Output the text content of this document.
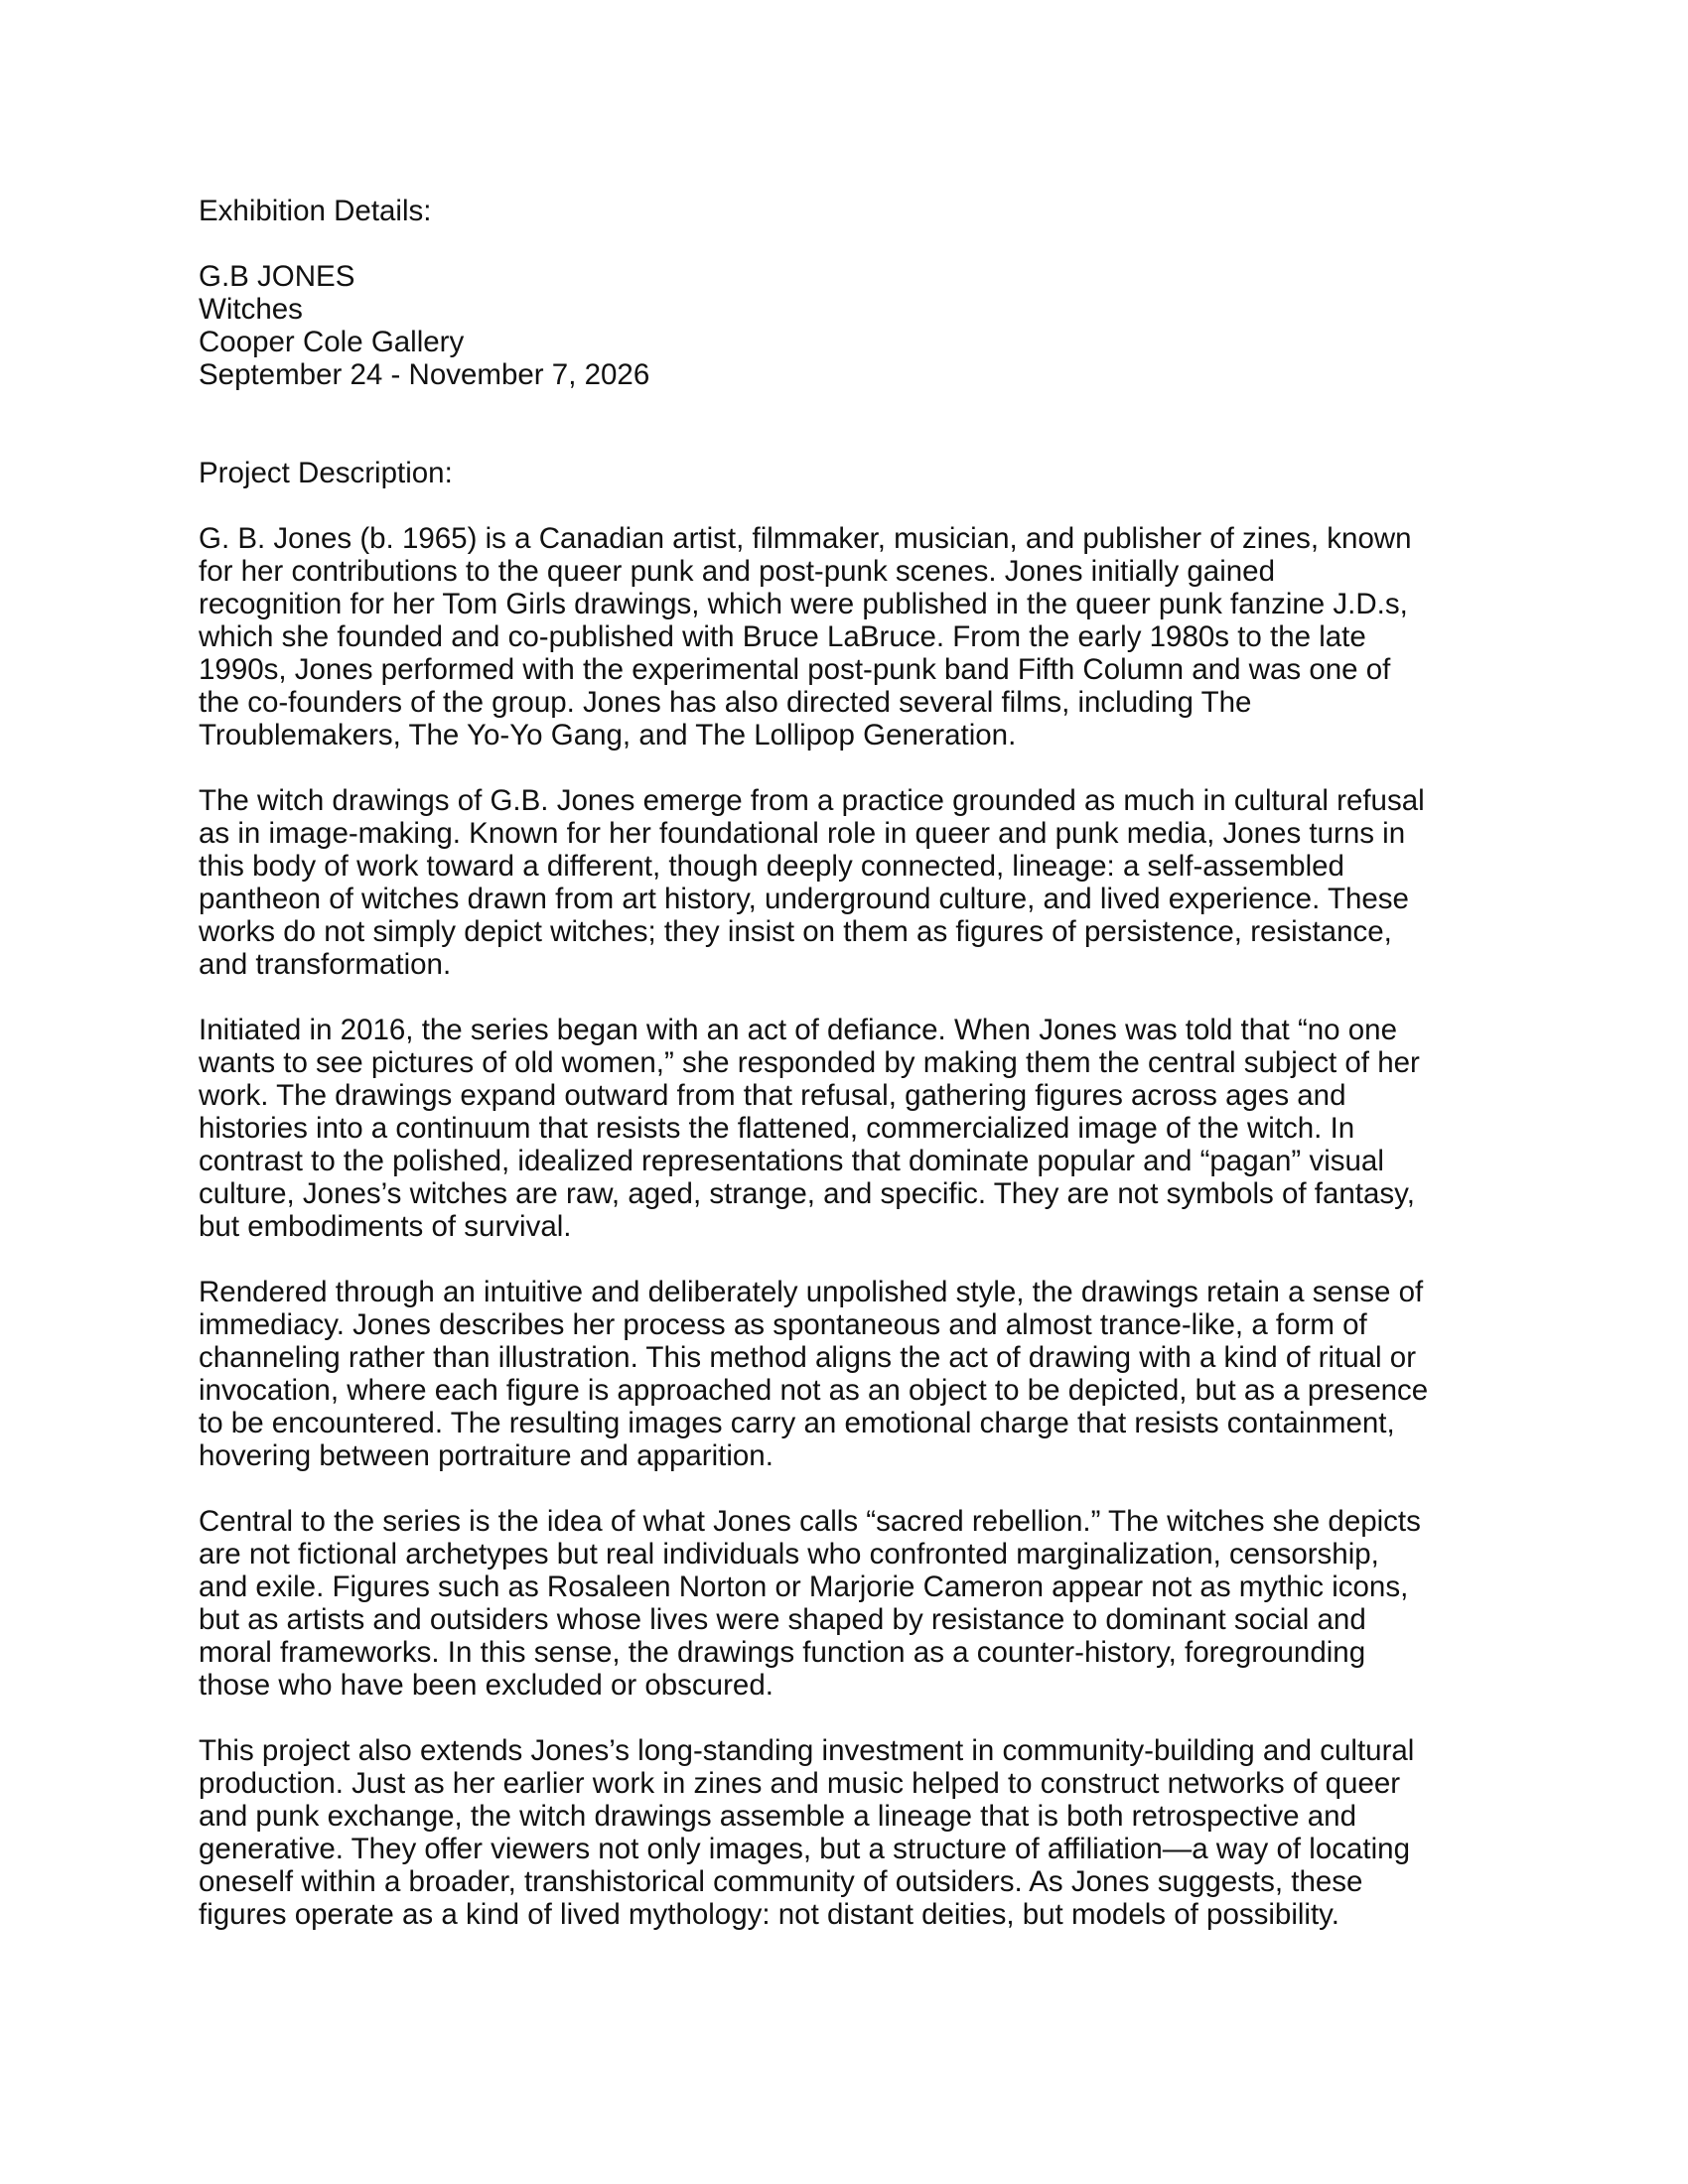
Exhibition Details:
G.B JONES
Witches
Cooper Cole Gallery
September 24 - November 7, 2026
Project Description:
G. B. Jones (b. 1965) is a Canadian artist, filmmaker, musician, and publisher of zines, known
for her contributions to the queer punk and post-punk scenes. Jones initially gained
recognition for her Tom Girls drawings, which were published in the queer punk fanzine J.D.s,
which she founded and co-published with Bruce LaBruce. From the early 1980s to the late
1990s, Jones performed with the experimental post-punk band Fifth Column and was one of
the co-founders of the group. Jones has also directed several films, including The
Troublemakers, The Yo-Yo Gang, and The Lollipop Generation.
The witch drawings of G.B. Jones emerge from a practice grounded as much in cultural refusal
as in image-making. Known for her foundational role in queer and punk media, Jones turns in
this body of work toward a different, though deeply connected, lineage: a self-assembled
pantheon of witches drawn from art history, underground culture, and lived experience. These
works do not simply depict witches; they insist on them as figures of persistence, resistance,
and transformation.
Initiated in 2016, the series began with an act of defiance. When Jones was told that “no one
wants to see pictures of old women,” she responded by making them the central subject of her
work. The drawings expand outward from that refusal, gathering figures across ages and
histories into a continuum that resists the flattened, commercialized image of the witch. In
contrast to the polished, idealized representations that dominate popular and “pagan” visual
culture, Jones’s witches are raw, aged, strange, and specific. They are not symbols of fantasy,
but embodiments of survival.
Rendered through an intuitive and deliberately unpolished style, the drawings retain a sense of
immediacy. Jones describes her process as spontaneous and almost trance-like, a form of
channeling rather than illustration. This method aligns the act of drawing with a kind of ritual or
invocation, where each figure is approached not as an object to be depicted, but as a presence
to be encountered. The resulting images carry an emotional charge that resists containment,
hovering between portraiture and apparition.
Central to the series is the idea of what Jones calls “sacred rebellion.” The witches she depicts
are not fictional archetypes but real individuals who confronted marginalization, censorship,
and exile. Figures such as Rosaleen Norton or Marjorie Cameron appear not as mythic icons,
but as artists and outsiders whose lives were shaped by resistance to dominant social and
moral frameworks. In this sense, the drawings function as a counter-history, foregrounding
those who have been excluded or obscured.
This project also extends Jones’s long-standing investment in community-building and cultural
production. Just as her earlier work in zines and music helped to construct networks of queer
and punk exchange, the witch drawings assemble a lineage that is both retrospective and
generative. They offer viewers not only images, but a structure of affiliation—a way of locating
oneself within a broader, transhistorical community of outsiders. As Jones suggests, these
figures operate as a kind of lived mythology: not distant deities, but models of possibility.
